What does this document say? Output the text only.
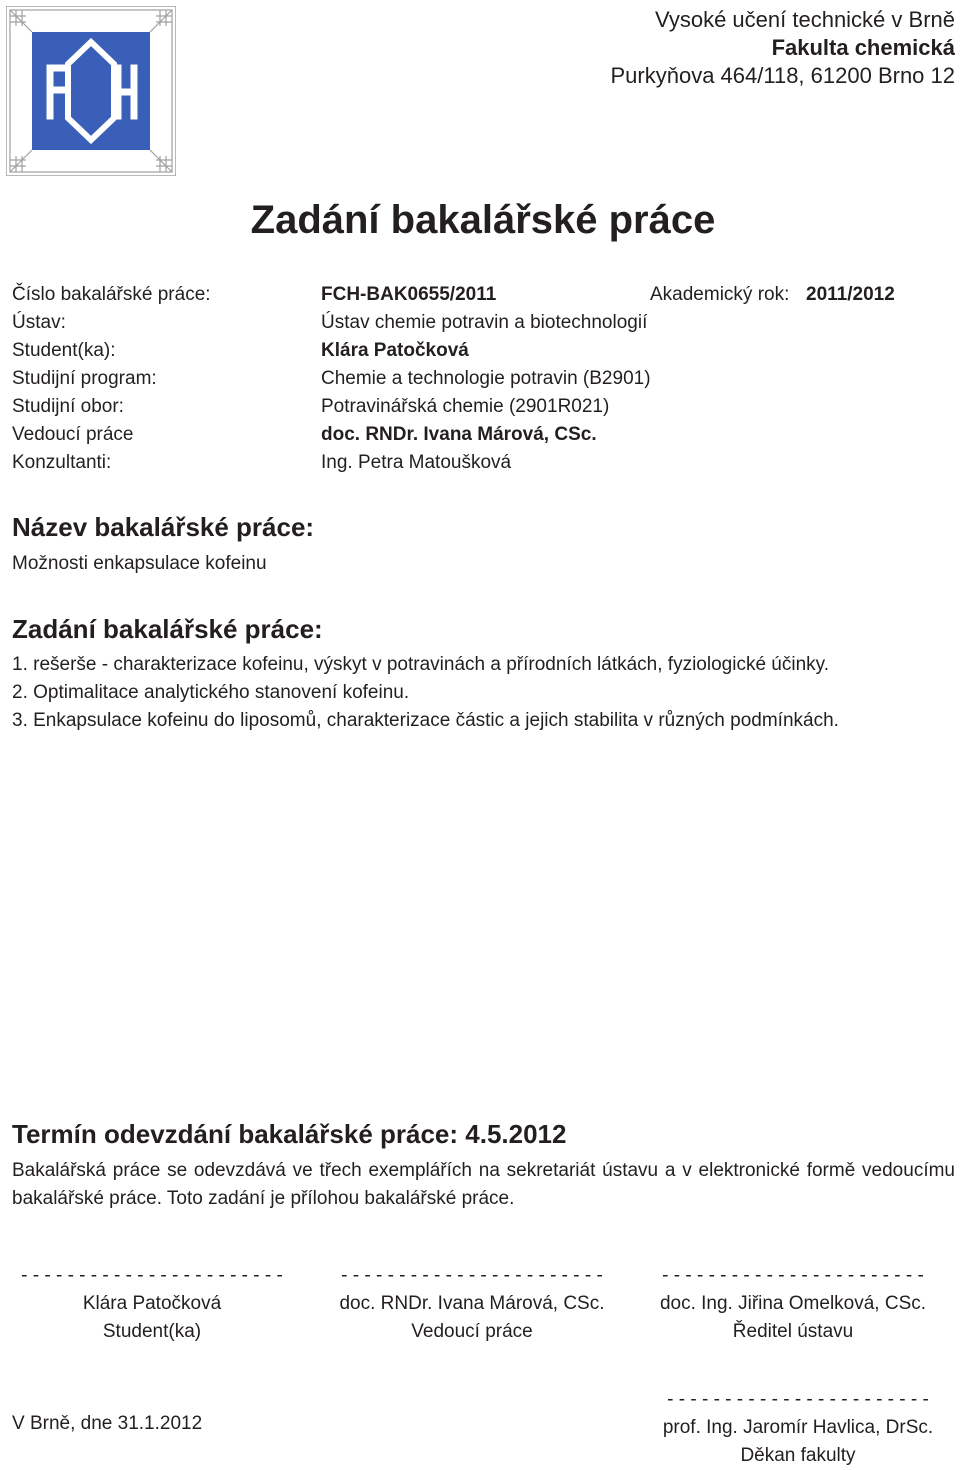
Vysoké učení technické v Brně
Fakulta chemická
Purkyňova 464/118, 61200 Brno 12
Zadání bakalářské práce
Číslo bakalářské práce:	FCH-BAK0655/2011	Akademický rok: 2011/2012
Ústav:	Ústav chemie potravin a biotechnologií
Student(ka):	Klára Patočková
Studijní program:	Chemie a technologie potravin (B2901)
Studijní obor:	Potravinářská chemie (2901R021)
Vedoucí práce	doc. RNDr. Ivana Márová, CSc.
Konzultanti:	Ing. Petra Matoušková
Název bakalářské práce:
Možnosti enkapsulace kofeinu
Zadání bakalářské práce:
1. rešerše - charakterizace kofeinu, výskyt v potravinách a přírodních látkách, fyziologické účinky.
2. Optimalitace analytického stanovení kofeinu.
3. Enkapsulace kofeinu do liposomů, charakterizace částic a jejich stabilita v různých podmínkách.
Termín odevzdání bakalářské práce: 4.5.2012
Bakalářská práce se odevzdává ve třech exemplářích na sekretariát ústavu a v elektronické formě vedoucímu bakalářské práce. Toto zadání je přílohou bakalářské práce.
- - - - - - - - - - - - - - - - - - - - - - -
Klára Patočková
Student(ka)
- - - - - - - - - - - - - - - - - - - - - - -
doc. RNDr. Ivana Márová, CSc.
Vedoucí práce
- - - - - - - - - - - - - - - - - - - - - - -
doc. Ing. Jiřina Omelková, CSc.
Ředitel ústavu
V Brně, dne 31.1.2012
- - - - - - - - - - - - - - - - - - - - - - -
prof. Ing. Jaromír Havlica, DrSc.
Děkan fakulty
